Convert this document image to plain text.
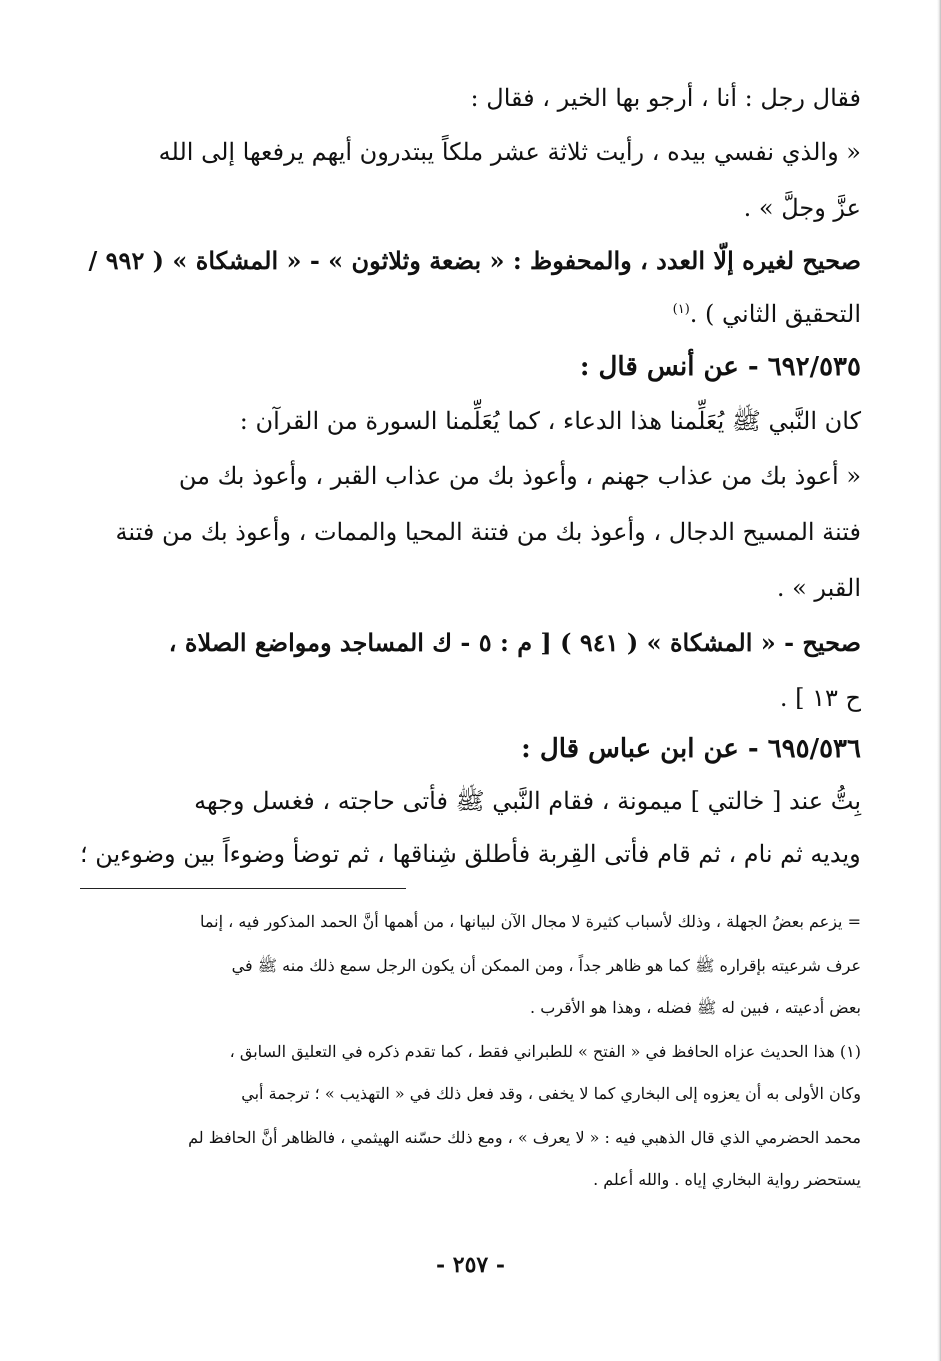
فقال رجل : أنا ، أرجو بها الخير ، فقال :
« والذي نفسي بيده ، رأيت ثلاثة عشر ملكاً يبتدرون أيهم يرفعها إلى الله
عزَّ وجلَّ » .
صحيح لغيره إلّا العدد ، والمحفوظ : « بضعة وثلاثون » - « المشكاة » ( ٩٩٢ /
التحقيق الثاني ) .$^{(١)}$
٦٩٢/٥٣٥ - عن أنس قال :
كان النَّبي ﷺ يُعَلِّمنا هذا الدعاء ، كما يُعَلِّمنا السورة من القرآن :
« أعوذ بك من عذاب جهنم ، وأعوذ بك من عذاب القبر ، وأعوذ بك من
فتنة المسيح الدجال ، وأعوذ بك من فتنة المحيا والممات ، وأعوذ بك من فتنة
القبر » .
صحيح - « المشكاة » ( ٩٤١ ) [ م : ٥ - ك المساجد ومواضع الصلاة ،
ح ١٣ ] .
٦٩٥/٥٣٦ - عن ابن عباس قال :
بِتُّ عند [ خالتي ] ميمونة ، فقام النَّبي ﷺ فأتى حاجته ، فغسل وجهه
ويديه ثم نام ، ثم قام فأتى القِربة فأطلق شِناقها ، ثم توضأ وضوءاً بين وضوءين ؛
= يزعم بعضُ الجهلة ، وذلك لأسباب كثيرة لا مجال الآن لبيانها ، من أهمها أنَّ الحمد المذكور فيه ، إنما
عرف شرعيته بإقراره ﷺ كما هو ظاهر جداً ، ومن الممكن أن يكون الرجل سمع ذلك منه ﷺ في
بعض أدعيته ، فبين له ﷺ فضله ، وهذا هو الأقرب .
(١) هذا الحديث عزاه الحافظ في « الفتح » للطبراني فقط ، كما تقدم ذكره في التعليق السابق ،
وكان الأولى به أن يعزوه إلى البخاري كما لا يخفى ، وقد فعل ذلك في « التهذيب » ؛ ترجمة أبي
محمد الحضرمي الذي قال الذهبي فيه : « لا يعرف » ، ومع ذلك حسّنه الهيثمي ، فالظاهر أنَّ الحافظ لم
يستحضر رواية البخاري إياه . والله أعلم .
- ٢٥٧ -
